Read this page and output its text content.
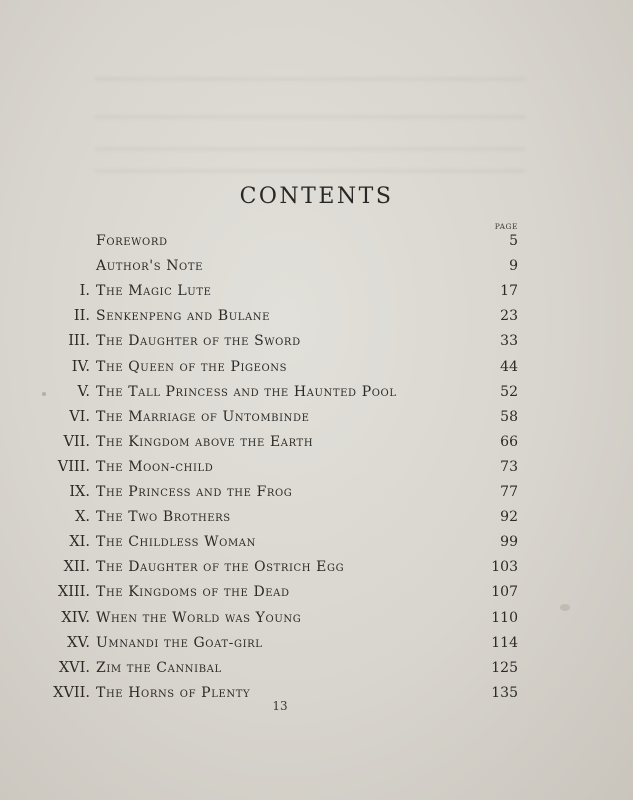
CONTENTS
PAGE
Foreword	5
Author's Note	9
I. The Magic Lute	17
II. Senkenpeng and Bulane	23
III. The Daughter of the Sword	33
IV. The Queen of the Pigeons	44
V. The Tall Princess and the Haunted Pool	52
VI. The Marriage of Untombinde	58
VII. The Kingdom above the Earth	66
VIII. The Moon-child	73
IX. The Princess and the Frog	77
X. The Two Brothers	92
XI. The Childless Woman	99
XII. The Daughter of the Ostrich Egg	103
XIII. The Kingdoms of the Dead	107
XIV. When the World was Young	110
XV. Umnandi the Goat-girl	114
XVI. Zim the Cannibal	125
XVII. The Horns of Plenty	135
13
